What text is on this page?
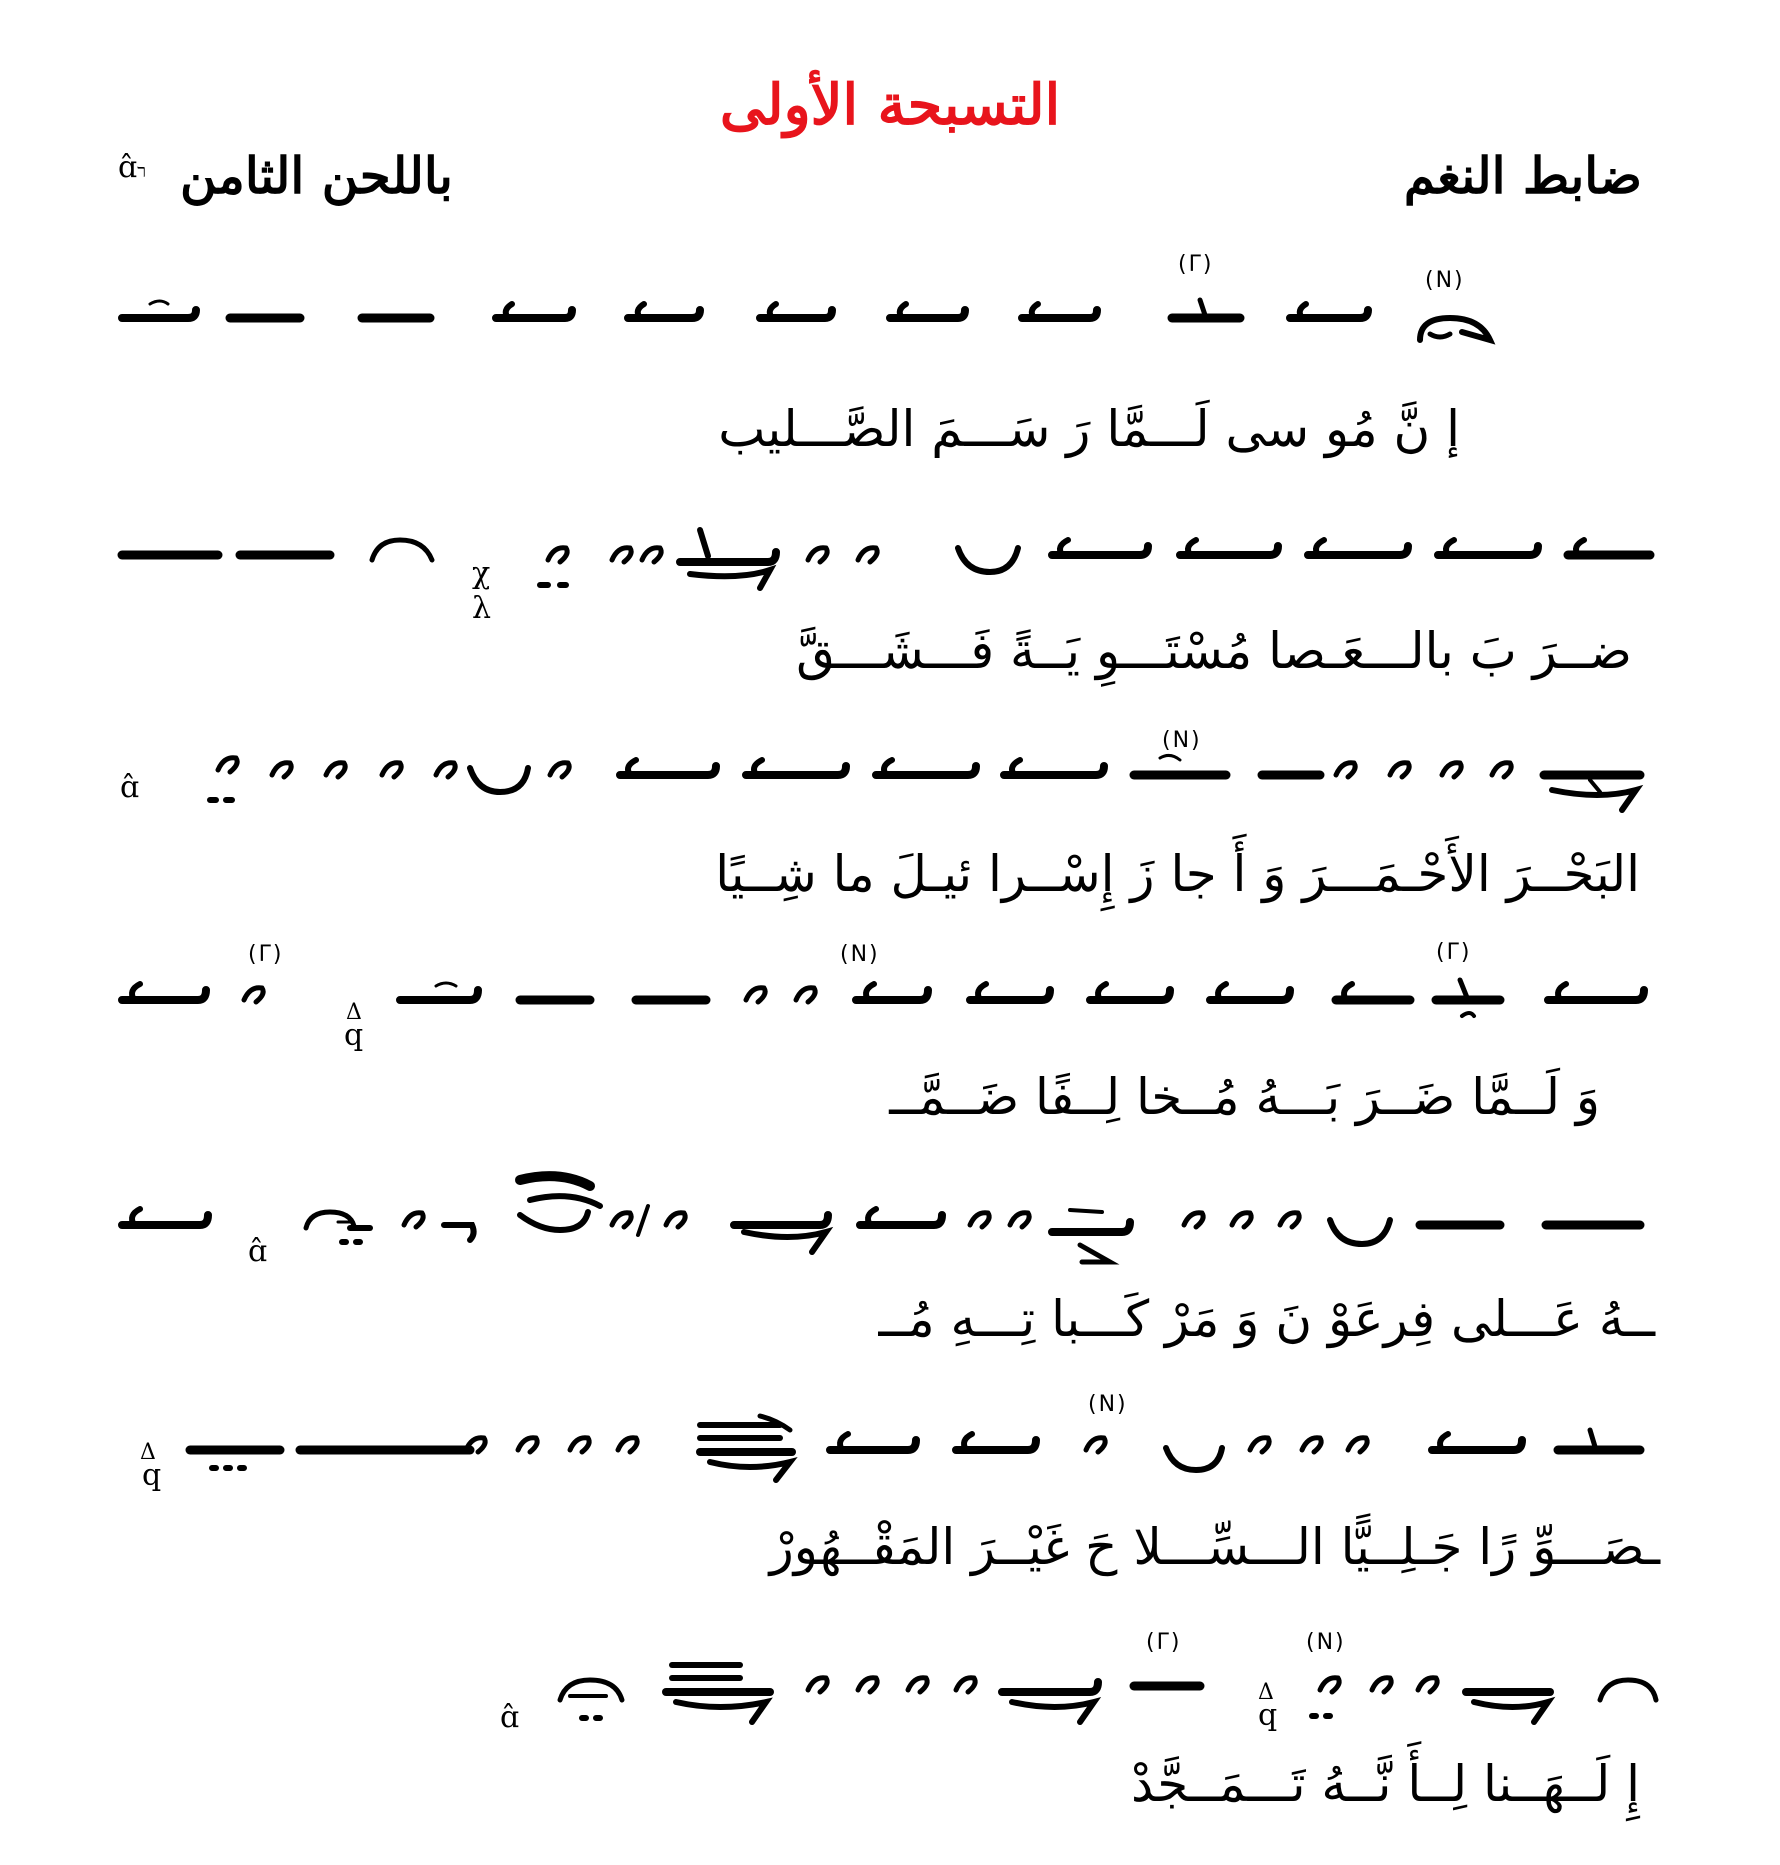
التسبحة الأولى
ضابط النغم
باللحن الثامن
ɑ̂ר
(N)
(Γ)
(N)
(N)	(Γ)
(Γ)
(N)
(Γ)	(N)
Δ
q
Δ
q
Δ
q
χ
λ
ɑ̂
ɑ̂
ɑ̂
إ نَّ مُو سى لَـــمَّا رَ سَـــمَ الصَّـــليب
ضــرَ بَ بالـــعَـصا مُسْتَـــوِ يَــةً فَـــشَـــقَّ
البَحْــرَ الأَحْـمَـــرَ وَ أَ جا زَ إِسْــرا ئيـلَ ما شِــيًا
وَ لَــمَّا ضَــرَ بَـــهُ مُــخا لِــفًا ضَــمَّــ
ــهُ عَـــلى فِرعَوْ نَ وَ مَرْ كَـــبا تِـــهِ مُــ
ـصَـــوِّ رًا جَـلِــيًّا الـــسِّـــلا حَ غَيْــرَ المَقْــهُورْ
إِ لَــهَــنا لِــأَ نَّــهُ تَـــمَــجَّدْ
